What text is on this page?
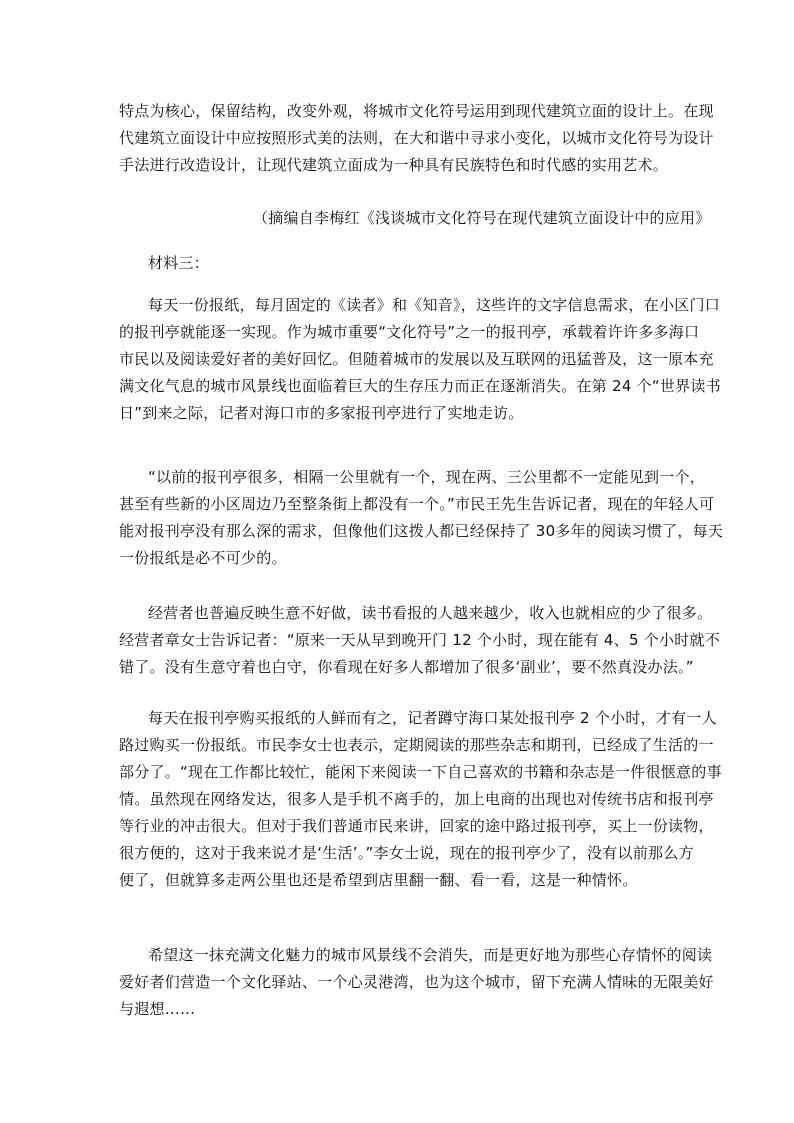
特点为核心，保留结构，改变外观，将城市文化符号运用到现代建筑立面的设计上。在现
代建筑立面设计中应按照形式美的法则，在大和谐中寻求小变化，以城市文化符号为设计
手法进行改造设计，让现代建筑立面成为一种具有民族特色和时代感的实用艺术。
（摘编自李梅红《浅谈城市文化符号在现代建筑立面设计中的应用》
材料三：
每天一份报纸，每月固定的《读者》和《知音》，这些许的文字信息需求，在小区门口
的报刊亭就能逐一实现。作为城市重要“文化符号”之一的报刊亭，承载着许许多多海口
市民以及阅读爱好者的美好回忆。但随着城市的发展以及互联网的迅猛普及，这一原本充
满文化气息的城市风景线也面临着巨大的生存压力而正在逐渐消失。在第 24 个“世界读书
日”到来之际，记者对海口市的多家报刊亭进行了实地走访。
“以前的报刊亭很多，相隔一公里就有一个，现在两、三公里都不一定能见到一个，
甚至有些新的小区周边乃至整条街上都没有一个。”市民王先生告诉记者，现在的年轻人可
能对报刊亭没有那么深的需求，但像他们这拨人都已经保持了 30多年的阅读习惯了，每天
一份报纸是必不可少的。
经营者也普遍反映生意不好做，读书看报的人越来越少，收入也就相应的少了很多。
经营者章女士告诉记者：“原来一天从早到晚开门 12 个小时，现在能有 4、5 个小时就不
错了。没有生意守着也白守，你看现在好多人都增加了很多‘副业’，要不然真没办法。”
每天在报刊亭购买报纸的人鲜而有之，记者蹲守海口某处报刊亭 2 个小时，才有一人
路过购买一份报纸。市民李女士也表示，定期阅读的那些杂志和期刊，已经成了生活的一
部分了。“现在工作都比较忙，能闲下来阅读一下自己喜欢的书籍和杂志是一件很惬意的事
情。虽然现在网络发达，很多人是手机不离手的，加上电商的出现也对传统书店和报刊亭
等行业的冲击很大。但对于我们普通市民来讲，回家的途中路过报刊亭，买上一份读物，
很方便的，这对于我来说才是‘生活’。”李女士说，现在的报刊亭少了，没有以前那么方
便了，但就算多走两公里也还是希望到店里翻一翻、看一看，这是一种情怀。
希望这一抹充满文化魅力的城市风景线不会消失，而是更好地为那些心存情怀的阅读
爱好者们营造一个文化驿站、一个心灵港湾，也为这个城市，留下充满人情味的无限美好
与遐想……
